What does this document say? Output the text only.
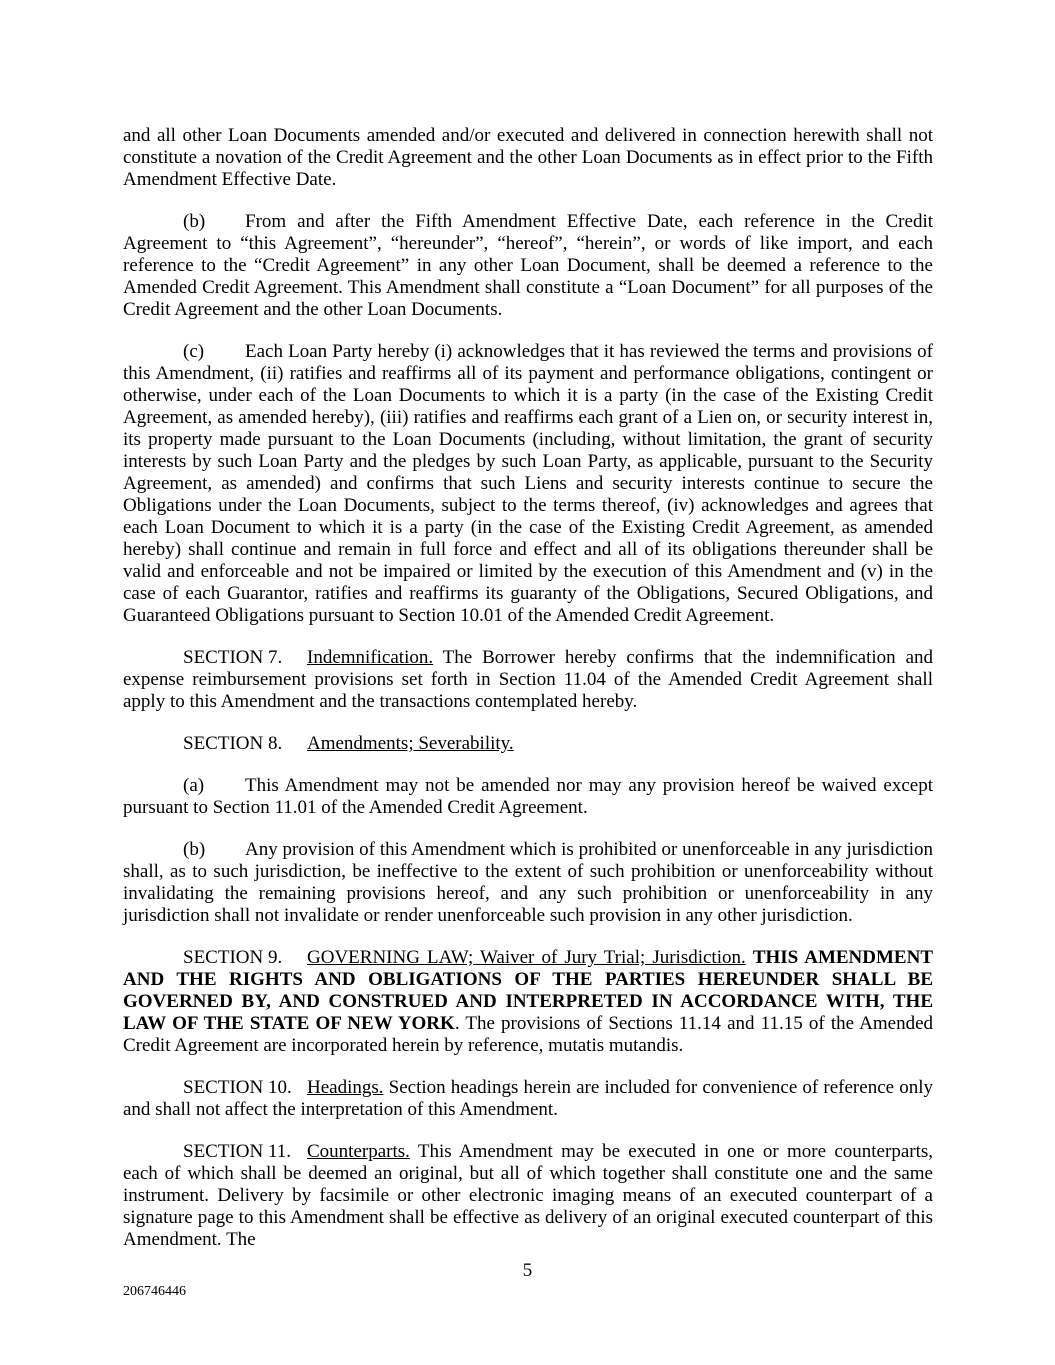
and all other Loan Documents amended and/or executed and delivered in connection herewith shall not constitute a novation of the Credit Agreement and the other Loan Documents as in effect prior to the Fifth Amendment Effective Date.

(b) From and after the Fifth Amendment Effective Date, each reference in the Credit Agreement to “this Agreement”, “hereunder”, “hereof”, “herein”, or words of like import, and each reference to the “Credit Agreement” in any other Loan Document, shall be deemed a reference to the Amended Credit Agreement. This Amendment shall constitute a “Loan Document” for all purposes of the Credit Agreement and the other Loan Documents.

(c) Each Loan Party hereby (i) acknowledges that it has reviewed the terms and provisions of this Amendment, (ii) ratifies and reaffirms all of its payment and performance obligations, contingent or otherwise, under each of the Loan Documents to which it is a party (in the case of the Existing Credit Agreement, as amended hereby), (iii) ratifies and reaffirms each grant of a Lien on, or security interest in, its property made pursuant to the Loan Documents (including, without limitation, the grant of security interests by such Loan Party and the pledges by such Loan Party, as applicable, pursuant to the Security Agreement, as amended) and confirms that such Liens and security interests continue to secure the Obligations under the Loan Documents, subject to the terms thereof, (iv) acknowledges and agrees that each Loan Document to which it is a party (in the case of the Existing Credit Agreement, as amended hereby) shall continue and remain in full force and effect and all of its obligations thereunder shall be valid and enforceable and not be impaired or limited by the execution of this Amendment and (v) in the case of each Guarantor, ratifies and reaffirms its guaranty of the Obligations, Secured Obligations, and Guaranteed Obligations pursuant to Section 10.01 of the Amended Credit Agreement.

SECTION 7. Indemnification. The Borrower hereby confirms that the indemnification and expense reimbursement provisions set forth in Section 11.04 of the Amended Credit Agreement shall apply to this Amendment and the transactions contemplated hereby.

SECTION 8. Amendments; Severability.

(a) This Amendment may not be amended nor may any provision hereof be waived except pursuant to Section 11.01 of the Amended Credit Agreement.

(b) Any provision of this Amendment which is prohibited or unenforceable in any jurisdiction shall, as to such jurisdiction, be ineffective to the extent of such prohibition or unenforceability without invalidating the remaining provisions hereof, and any such prohibition or unenforceability in any jurisdiction shall not invalidate or render unenforceable such provision in any other jurisdiction.

SECTION 9. GOVERNING LAW; Waiver of Jury Trial; Jurisdiction. THIS AMENDMENT AND THE RIGHTS AND OBLIGATIONS OF THE PARTIES HEREUNDER SHALL BE GOVERNED BY, AND CONSTRUED AND INTERPRETED IN ACCORDANCE WITH, THE LAW OF THE STATE OF NEW YORK. The provisions of Sections 11.14 and 11.15 of the Amended Credit Agreement are incorporated herein by reference, mutatis mutandis.

SECTION 10. Headings. Section headings herein are included for convenience of reference only and shall not affect the interpretation of this Amendment.

SECTION 11. Counterparts. This Amendment may be executed in one or more counterparts, each of which shall be deemed an original, but all of which together shall constitute one and the same instrument. Delivery by facsimile or other electronic imaging means of an executed counterpart of a signature page to this Amendment shall be effective as delivery of an original executed counterpart of this Amendment. The

5
206746446
